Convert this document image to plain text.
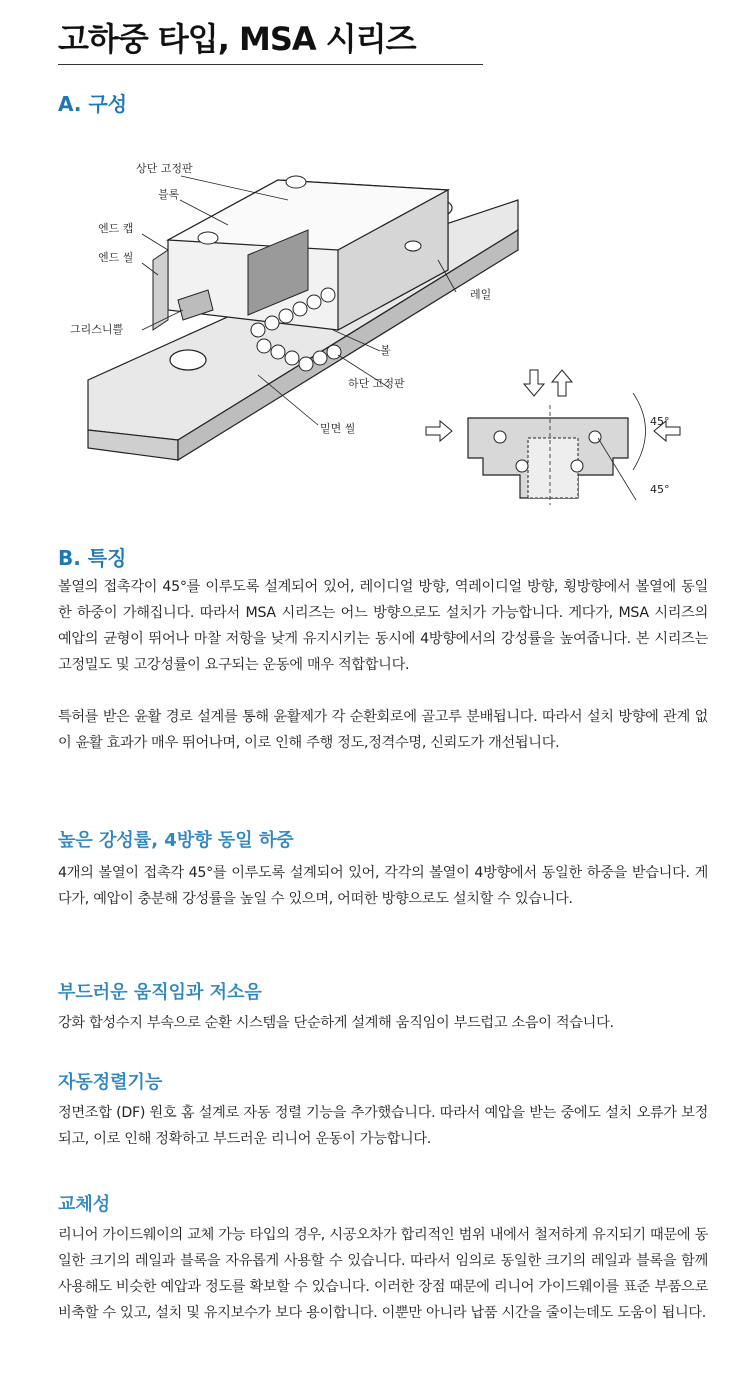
고하중 타입, MSA 시리즈
A. 구성
상단 고정판
블록
엔드 캡
엔드 씰
그리스니쁠
레일
볼
하단 고정판
밑면 씰
45°
45°
B. 특징

볼열의 접촉각이 45°를 이루도록 설계되어 있어, 레이디얼 방향, 역레이디얼 방향, 횡방향에서 볼열에 동일한 하중이 가해집니다. 따라서 MSA 시리즈는 어느 방향으로도 설치가 가능합니다. 게다가, MSA 시리즈의 예압의 균형이 뛰어나 마찰 저항을 낮게 유지시키는 동시에 4방향에서의 강성률을 높여줍니다. 본 시리즈는 고정밀도 및 고강성률이 요구되는 운동에 매우 적합합니다.

특허를 받은 윤활 경로 설계를 통해 윤활제가 각 순환회로에 골고루 분배됩니다. 따라서 설치 방향에 관계 없이 윤활 효과가 매우 뛰어나며, 이로 인해 주행 정도,정격수명, 신뢰도가 개선됩니다.

높은 강성률, 4방향 동일 하중

4개의 볼열이 접촉각 45°를 이루도록 설계되어 있어, 각각의 볼열이 4방향에서 동일한 하중을 받습니다. 게다가, 예압이 충분해 강성률을 높일 수 있으며, 어떠한 방향으로도 설치할 수 있습니다.

부드러운 움직임과 저소음

강화 합성수지 부속으로 순환 시스템을 단순하게 설계해 움직임이 부드럽고 소음이 적습니다.

자동정렬기능

정면조합 (DF) 원호 홈 설계로 자동 정렬 기능을 추가했습니다. 따라서 예압을 받는 중에도 설치 오류가 보정되고, 이로 인해 정확하고 부드러운 리니어 운동이 가능합니다.

교체성

리니어 가이드웨이의 교체 가능 타입의 경우, 시공오차가 합리적인 범위 내에서 철저하게 유지되기 때문에 동일한 크기의 레일과 블록을 자유롭게 사용할 수 있습니다. 따라서 임의로 동일한 크기의 레일과 블록을 함께 사용해도 비슷한 예압과 정도를 확보할 수 있습니다. 이러한 장점 때문에 리니어 가이드웨이를 표준 부품으로 비축할 수 있고, 설치 및 유지보수가 보다 용이합니다. 이뿐만 아니라 납품 시간을 줄이는데도 도움이 됩니다.
